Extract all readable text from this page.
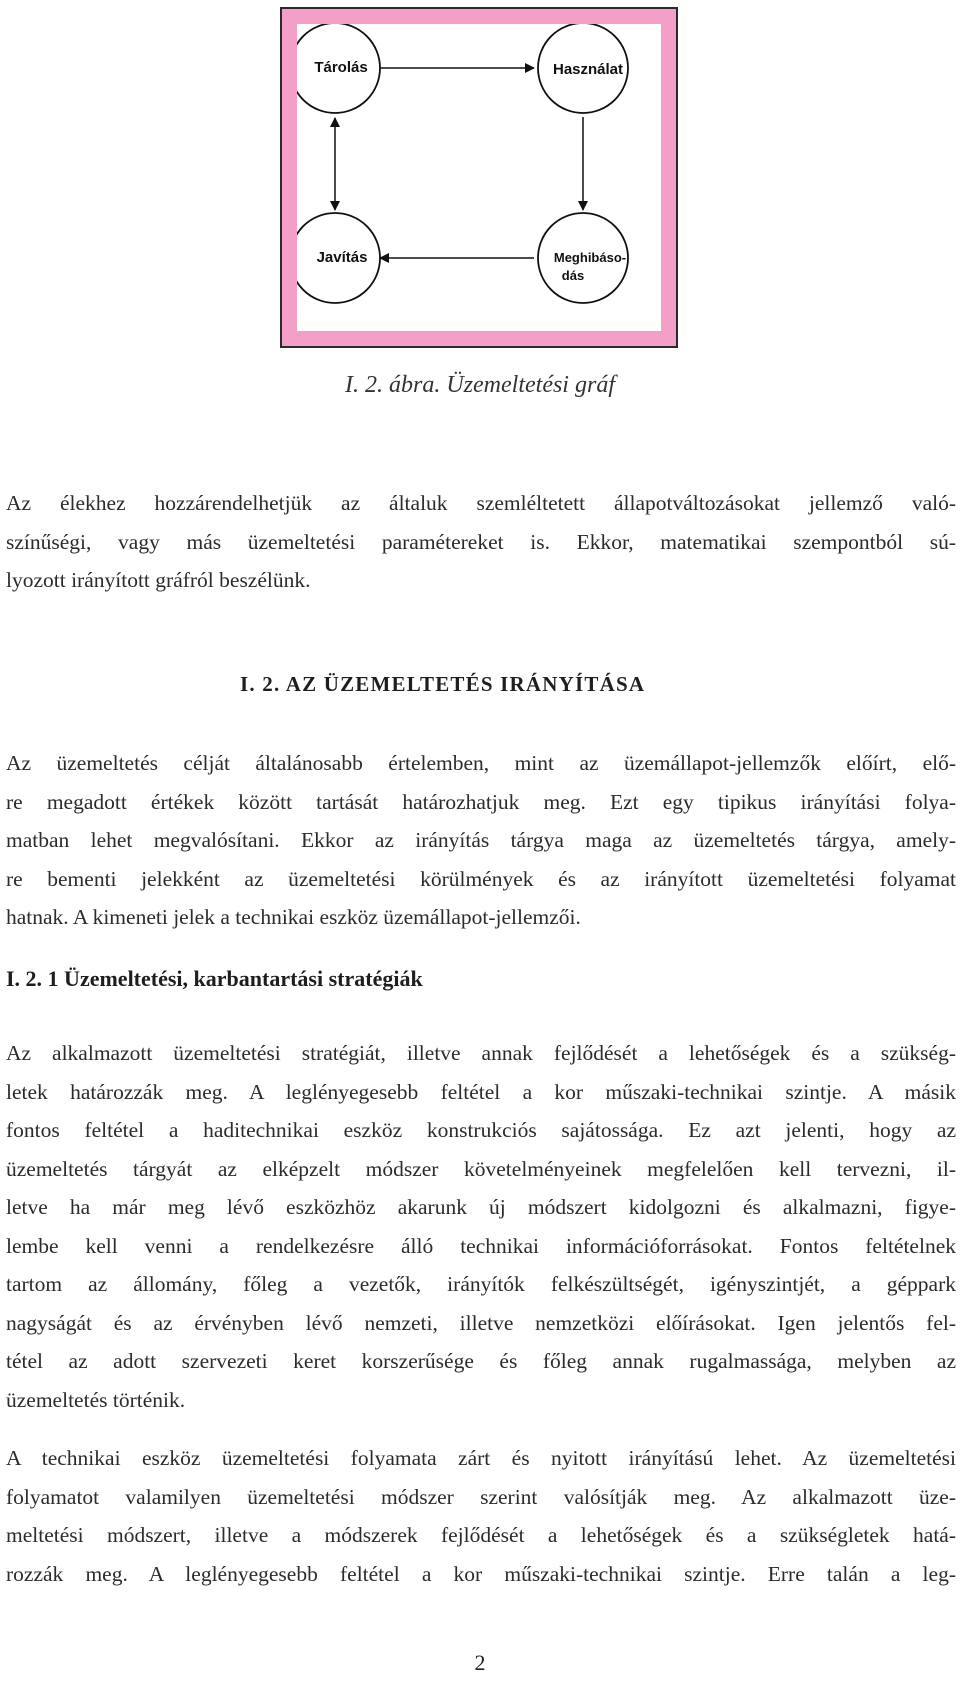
Tárolás	Használat
Javítás	Meghibáso-
dás
I. 2. ábra. Üzemeltetési gráf

Az élekhez hozzárendelhetjük az általuk szemléltetett állapotváltozásokat jellemző való-
színűségi, vagy más üzemeltetési paramétereket is. Ekkor, matematikai szempontból sú-
lyozott irányított gráfról beszélünk.

I. 2. AZ ÜZEMELTETÉS IRÁNYÍTÁSA

Az üzemeltetés célját általánosabb értelemben, mint az üzemállapot-jellemzők előírt, elő-
re megadott értékek között tartását határozhatjuk meg. Ezt egy tipikus irányítási folya-
matban lehet megvalósítani. Ekkor az irányítás tárgya maga az üzemeltetés tárgya, amely-
re bementi jelekként az üzemeltetési körülmények és az irányított üzemeltetési folyamat
hatnak. A kimeneti jelek a technikai eszköz üzemállapot-jellemzői.

I. 2. 1 Üzemeltetési, karbantartási stratégiák

Az alkalmazott üzemeltetési stratégiát, illetve annak fejlődését a lehetőségek és a szükség-
letek határozzák meg. A leglényegesebb feltétel a kor műszaki-technikai szintje. A másik
fontos feltétel a haditechnikai eszköz konstrukciós sajátossága. Ez azt jelenti, hogy az
üzemeltetés tárgyát az elképzelt módszer követelményeinek megfelelően kell tervezni, il-
letve ha már meg lévő eszközhöz akarunk új módszert kidolgozni és alkalmazni, figye-
lembe kell venni a rendelkezésre álló technikai információforrásokat. Fontos feltételnek
tartom az állomány, főleg a vezetők, irányítók felkészültségét, igényszintjét, a géppark
nagyságát és az érvényben lévő nemzeti, illetve nemzetközi előírásokat. Igen jelentős fel-
tétel az adott szervezeti keret korszerűsége és főleg annak rugalmassága, melyben az
üzemeltetés történik.

A technikai eszköz üzemeltetési folyamata zárt és nyitott irányítású lehet. Az üzemeltetési
folyamatot valamilyen üzemeltetési módszer szerint valósítják meg. Az alkalmazott üze-
meltetési módszert, illetve a módszerek fejlődését a lehetőségek és a szükségletek hatá-
rozzák meg. A leglényegesebb feltétel a kor műszaki-technikai szintje. Erre talán a leg-

2
